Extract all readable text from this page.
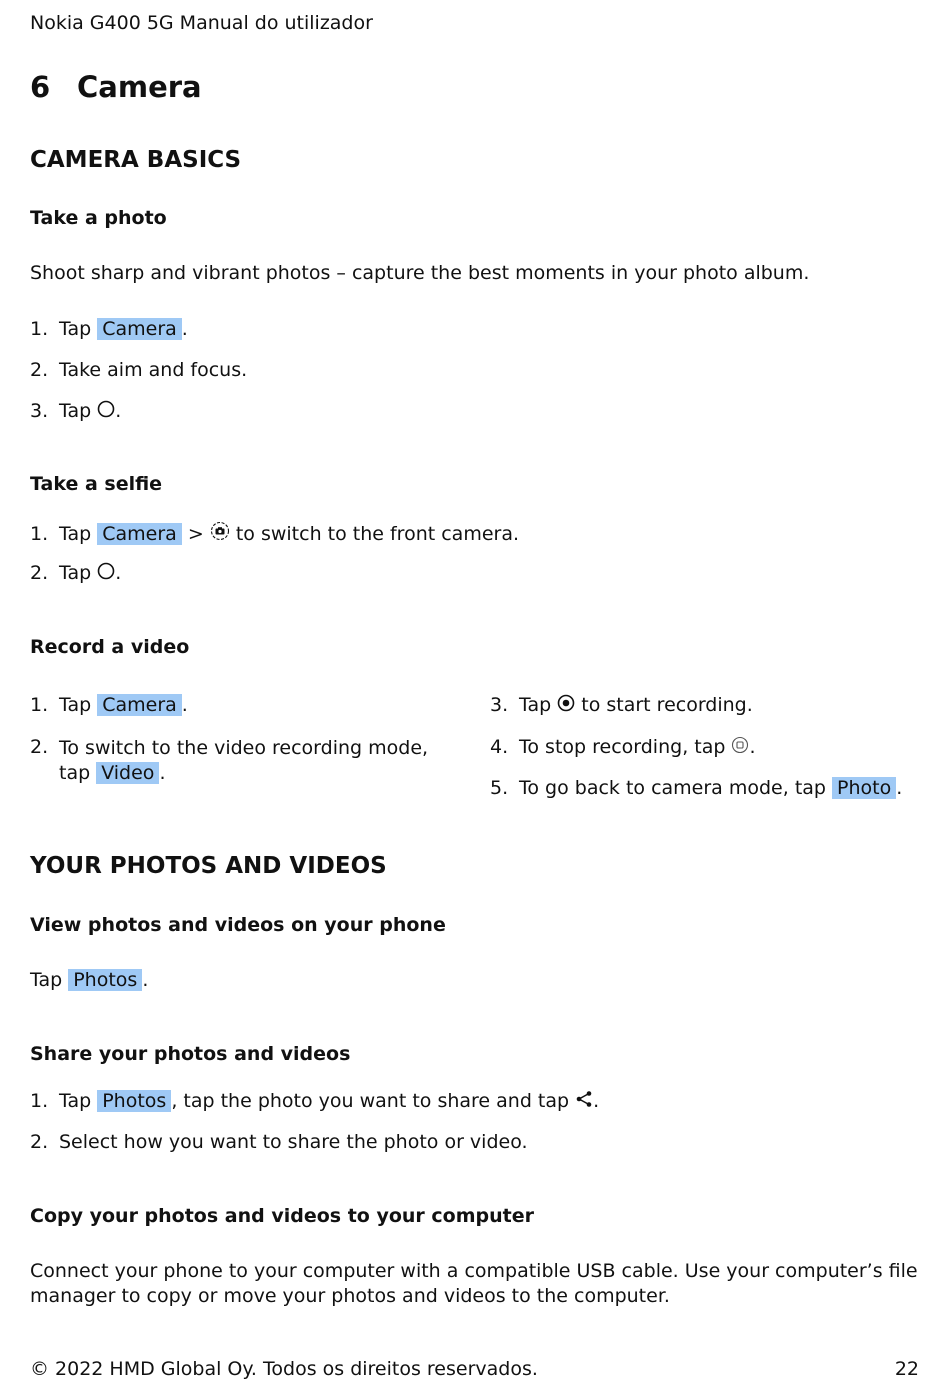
Nokia G400 5G Manual do utilizador
6 Camera
CAMERA BASICS
Take a photo
Shoot sharp and vibrant photos – capture the best moments in your photo album.
1. Tap Camera .
2. Take aim and focus.
3. Tap .
Take a selfie
1. Tap Camera > to switch to the front camera.
2. Tap .
Record a video
1. Tap Camera .
2. To switch to the video recording mode, tap Video .
3. Tap to start recording.
4. To stop recording, tap .
5. To go back to camera mode, tap Photo .
YOUR PHOTOS AND VIDEOS
View photos and videos on your phone
Tap Photos .
Share your photos and videos
1. Tap Photos , tap the photo you want to share and tap .
2. Select how you want to share the photo or video.
Copy your photos and videos to your computer
Connect your phone to your computer with a compatible USB cable. Use your computer’s file
manager to copy or move your photos and videos to the computer.
© 2022 HMD Global Oy. Todos os direitos reservados.	22
